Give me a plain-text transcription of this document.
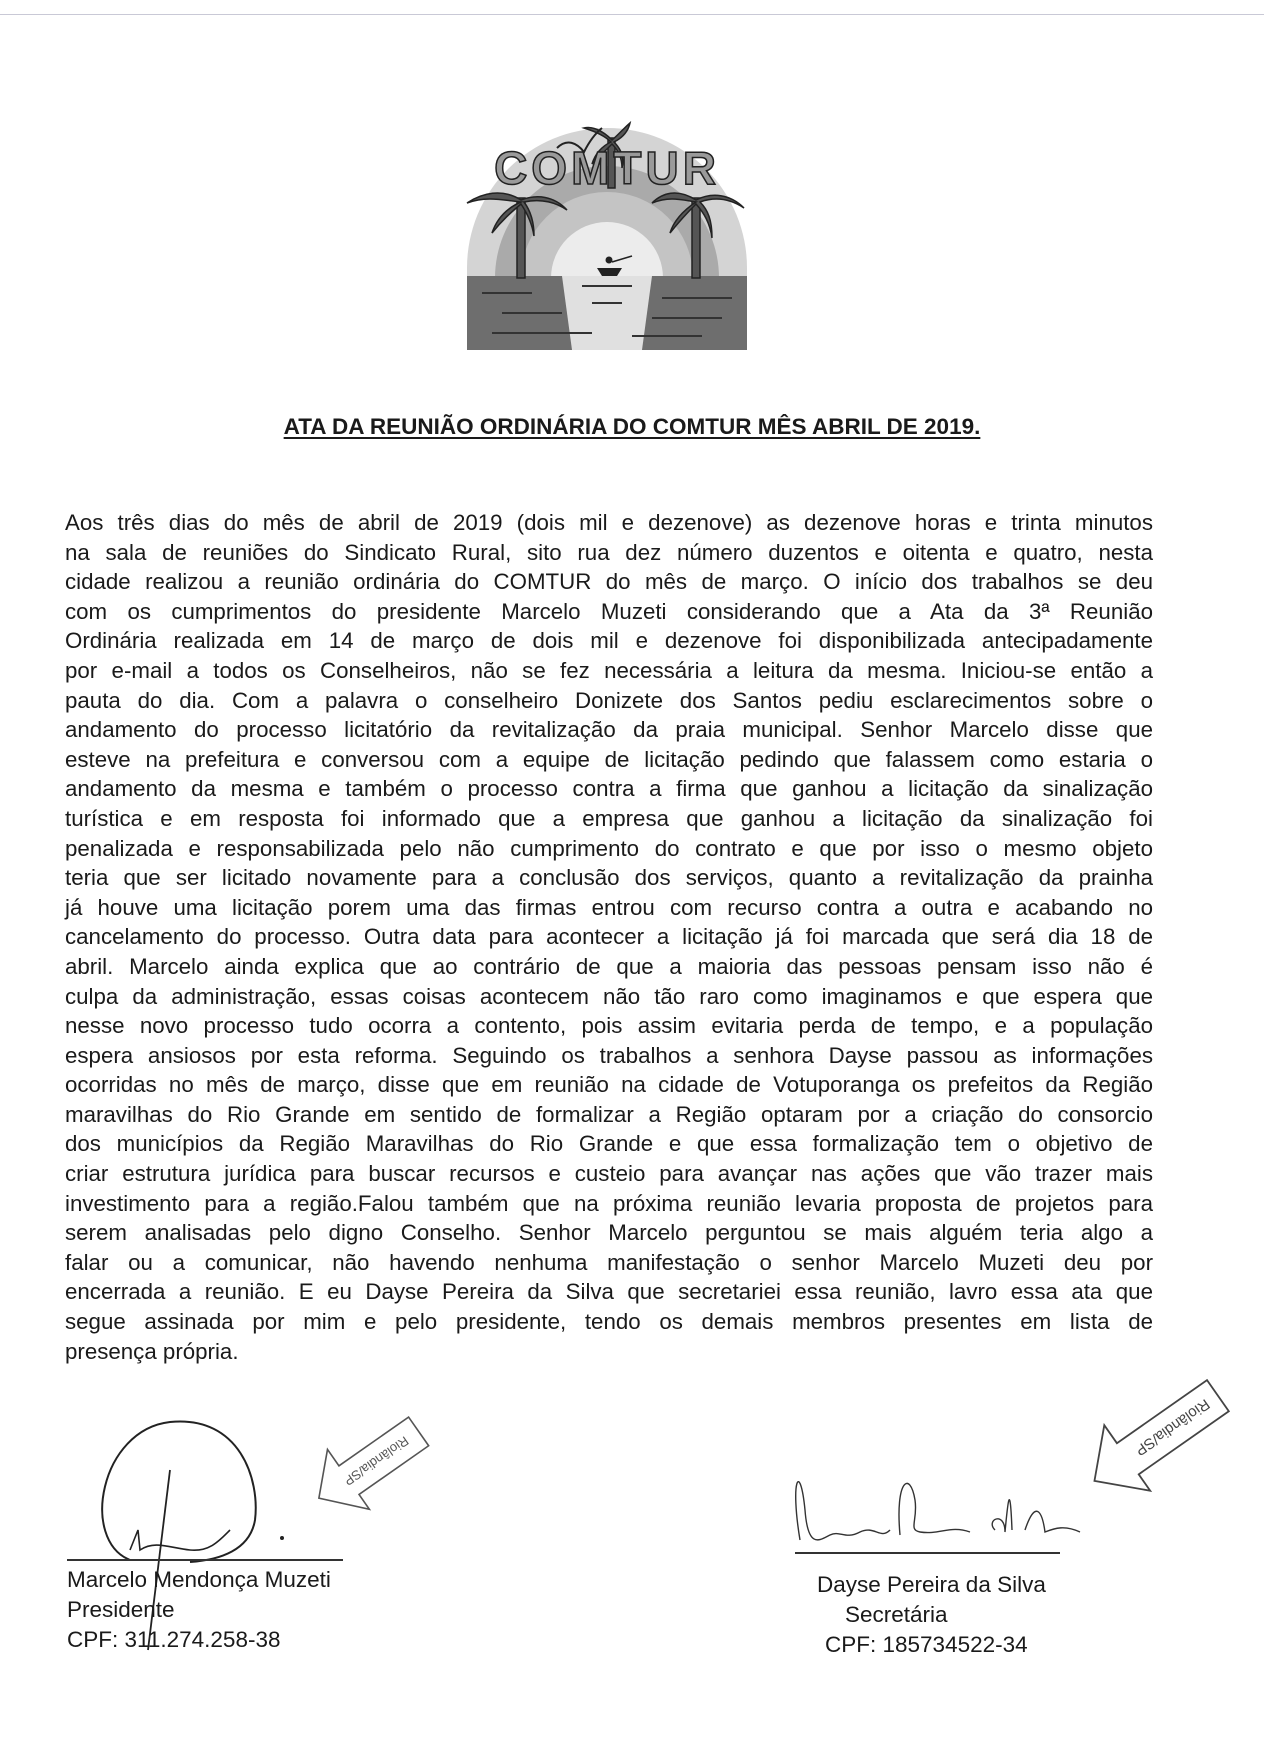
COMTUR
ATA DA REUNIÃO ORDINÁRIA DO COMTUR MÊS ABRIL DE 2019.
Aos três dias do mês de abril de 2019 (dois mil e dezenove) as dezenove horas e trinta minutos
na sala de reuniões do Sindicato Rural, sito rua dez número duzentos e oitenta e quatro, nesta
cidade realizou a reunião ordinária do COMTUR do mês de março. O início dos trabalhos se deu
com os cumprimentos do presidente Marcelo Muzeti considerando que a Ata da 3ª Reunião
Ordinária realizada em 14 de março de dois mil e dezenove foi disponibilizada antecipadamente
por e-mail a todos os Conselheiros, não se fez necessária a leitura da mesma. Iniciou-se então a
pauta do dia. Com a palavra o conselheiro Donizete dos Santos pediu esclarecimentos sobre o
andamento do processo licitatório da revitalização da praia municipal. Senhor Marcelo disse que
esteve na prefeitura e conversou com a equipe de licitação pedindo que falassem como estaria o
andamento da mesma e também o processo contra a firma que ganhou a licitação da sinalização
turística e em resposta foi informado que a empresa que ganhou a licitação da sinalização foi
penalizada e responsabilizada pelo não cumprimento do contrato e que por isso o mesmo objeto
teria que ser licitado novamente para a conclusão dos serviços, quanto a revitalização da prainha
já houve uma licitação porem uma das firmas entrou com recurso contra a outra e acabando no
cancelamento do processo. Outra data para acontecer a licitação já foi marcada que será dia 18 de
abril. Marcelo ainda explica que ao contrário de que a maioria das pessoas pensam isso não é
culpa da administração, essas coisas acontecem não tão raro como imaginamos e que espera que
nesse novo processo tudo ocorra a contento, pois assim evitaria perda de tempo, e a população
espera ansiosos por esta reforma. Seguindo os trabalhos a senhora Dayse passou as informações
ocorridas no mês de março, disse que em reunião na cidade de Votuporanga os prefeitos da Região
maravilhas do Rio Grande em sentido de formalizar a Região optaram por a criação do consorcio
dos municípios da Região Maravilhas do Rio Grande e que essa formalização tem o objetivo de
criar estrutura jurídica para buscar recursos e custeio para avançar nas ações que vão trazer mais
investimento para a região.Falou também que na próxima reunião levaria proposta de projetos para
serem analisadas pelo digno Conselho. Senhor Marcelo perguntou se mais alguém teria algo a
falar ou a comunicar, não havendo nenhuma manifestação o senhor Marcelo Muzeti deu por
encerrada a reunião. E eu Dayse Pereira da Silva que secretariei essa reunião, lavro essa ata que
segue assinada por mim e pelo presidente, tendo os demais membros presentes em lista de
presença própria.
Riolândia/SP
Marcelo Mendonça Muzeti
Presidente
CPF: 311.274.258-38
Riolândia/SP
Dayse Pereira da Silva
Secretária
CPF: 185734522-34
